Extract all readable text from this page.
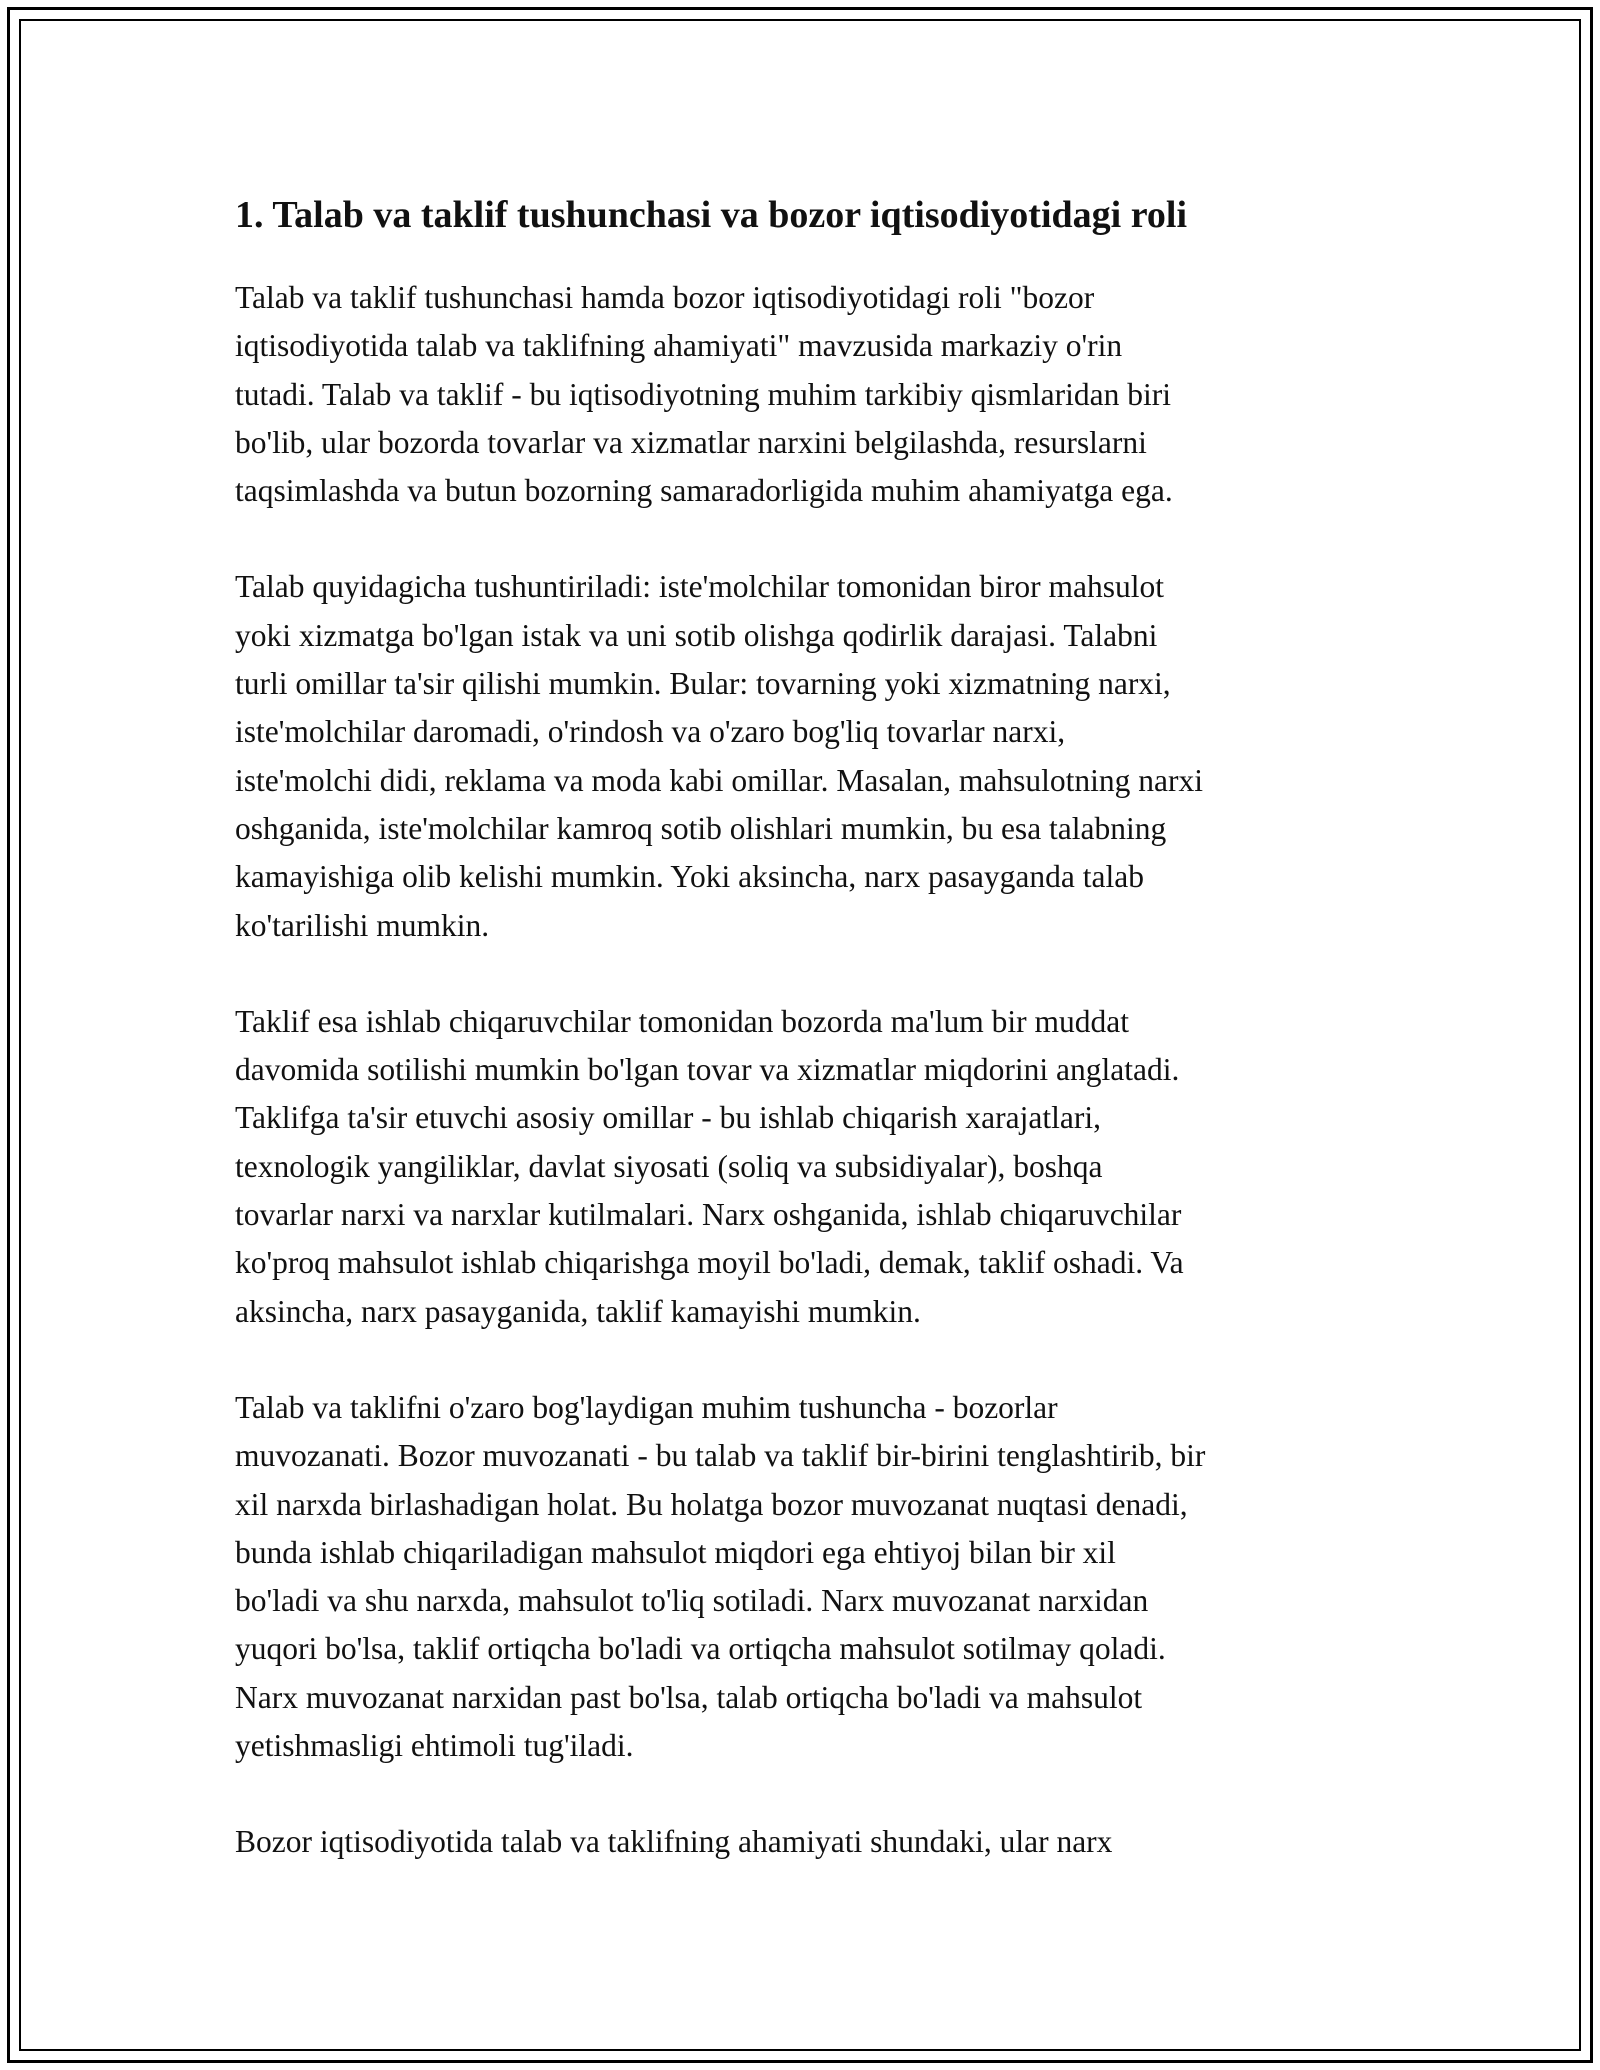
1. Talab va taklif tushunchasi va bozor iqtisodiyotidagi roli

Talab va taklif tushunchasi hamda bozor iqtisodiyotidagi roli "bozor
iqtisodiyotida talab va taklifning ahamiyati" mavzusida markaziy o'rin
tutadi. Talab va taklif - bu iqtisodiyotning muhim tarkibiy qismlaridan biri
bo'lib, ular bozorda tovarlar va xizmatlar narxini belgilashda, resurslarni
taqsimlashda va butun bozorning samaradorligida muhim ahamiyatga ega.

Talab quyidagicha tushuntiriladi: iste'molchilar tomonidan biror mahsulot
yoki xizmatga bo'lgan istak va uni sotib olishga qodirlik darajasi. Talabni
turli omillar ta'sir qilishi mumkin. Bular: tovarning yoki xizmatning narxi,
iste'molchilar daromadi, o'rindosh va o'zaro bog'liq tovarlar narxi,
iste'molchi didi, reklama va moda kabi omillar. Masalan, mahsulotning narxi
oshganida, iste'molchilar kamroq sotib olishlari mumkin, bu esa talabning
kamayishiga olib kelishi mumkin. Yoki aksincha, narx pasayganda talab
ko'tarilishi mumkin.

Taklif esa ishlab chiqaruvchilar tomonidan bozorda ma'lum bir muddat
davomida sotilishi mumkin bo'lgan tovar va xizmatlar miqdorini anglatadi.
Taklifga ta'sir etuvchi asosiy omillar - bu ishlab chiqarish xarajatlari,
texnologik yangiliklar, davlat siyosati (soliq va subsidiyalar), boshqa
tovarlar narxi va narxlar kutilmalari. Narx oshganida, ishlab chiqaruvchilar
ko'proq mahsulot ishlab chiqarishga moyil bo'ladi, demak, taklif oshadi. Va
aksincha, narx pasayganida, taklif kamayishi mumkin.

Talab va taklifni o'zaro bog'laydigan muhim tushuncha - bozorlar
muvozanati. Bozor muvozanati - bu talab va taklif bir-birini tenglashtirib, bir
xil narxda birlashadigan holat. Bu holatga bozor muvozanat nuqtasi denadi,
bunda ishlab chiqariladigan mahsulot miqdori ega ehtiyoj bilan bir xil
bo'ladi va shu narxda, mahsulot to'liq sotiladi. Narx muvozanat narxidan
yuqori bo'lsa, taklif ortiqcha bo'ladi va ortiqcha mahsulot sotilmay qoladi.
Narx muvozanat narxidan past bo'lsa, talab ortiqcha bo'ladi va mahsulot
yetishmasligi ehtimoli tug'iladi.

Bozor iqtisodiyotida talab va taklifning ahamiyati shundaki, ular narx
